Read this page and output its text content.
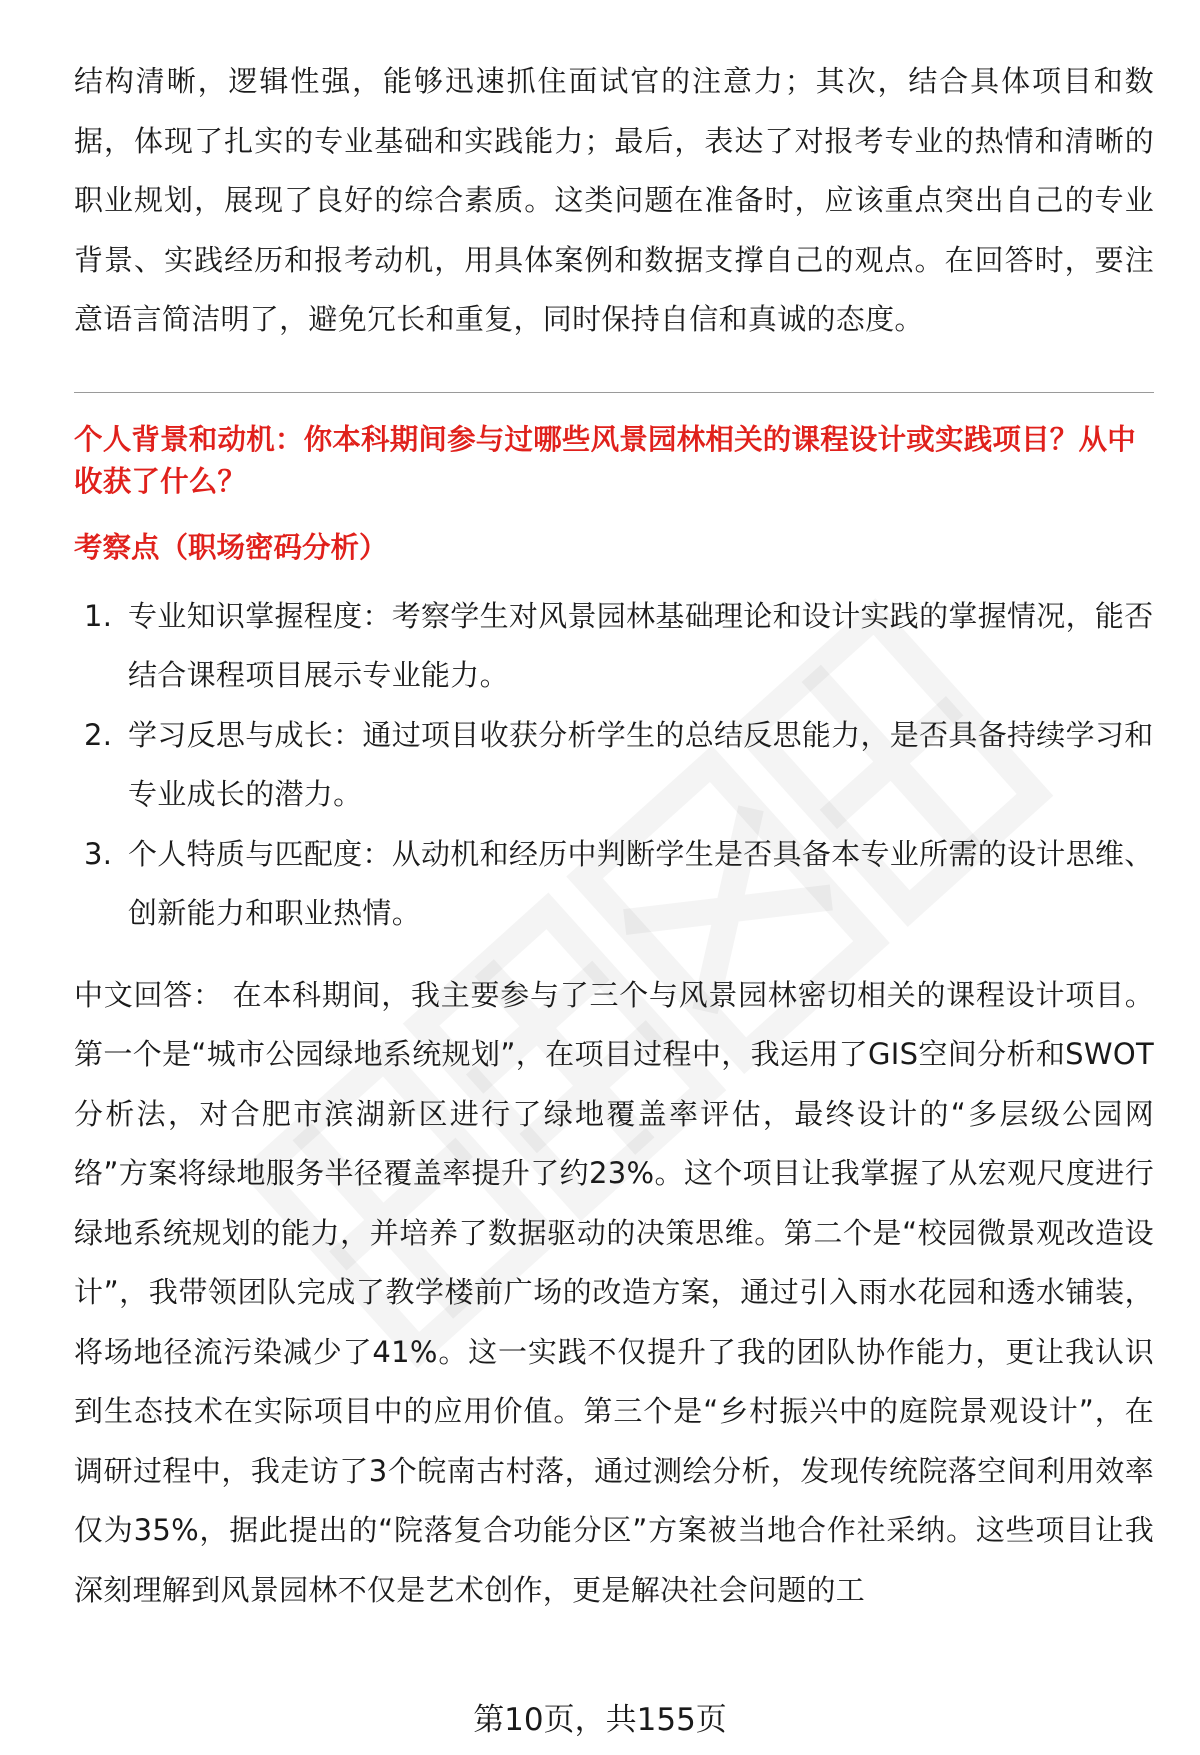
结构清晰，逻辑性强，能够迅速抓住面试官的注意力；其次，结合具体项目和数据，体现了扎实的专业基础和实践能力；最后，表达了对报考专业的热情和清晰的职业规划，展现了良好的综合素质。这类问题在准备时，应该重点突出自己的专业背景、实践经历和报考动机，用具体案例和数据支撑自己的观点。在回答时，要注意语言简洁明了，避免冗长和重复，同时保持自信和真诚的态度。

个人背景和动机：你本科期间参与过哪些风景园林相关的课程设计或实践项目？从中收获了什么？

考察点（职场密码分析）

1. 专业知识掌握程度：考察学生对风景园林基础理论和设计实践的掌握情况，能否结合课程项目展示专业能力。
2. 学习反思与成长：通过项目收获分析学生的总结反思能力，是否具备持续学习和专业成长的潜力。
3. 个人特质与匹配度：从动机和经历中判断学生是否具备本专业所需的设计思维、创新能力和职业热情。

中文回答： 在本科期间，我主要参与了三个与风景园林密切相关的课程设计项目。第一个是“城市公园绿地系统规划”，在项目过程中，我运用了GIS空间分析和SWOT分析法，对合肥市滨湖新区进行了绿地覆盖率评估，最终设计的“多层级公园网络”方案将绿地服务半径覆盖率提升了约23%。这个项目让我掌握了从宏观尺度进行绿地系统规划的能力，并培养了数据驱动的决策思维。第二个是“校园微景观改造设计”，我带领团队完成了教学楼前广场的改造方案，通过引入雨水花园和透水铺装，将场地径流污染减少了41%。这一实践不仅提升了我的团队协作能力，更让我认识到生态技术在实际项目中的应用价值。第三个是“乡村振兴中的庭院景观设计”，在调研过程中，我走访了3个皖南古村落，通过测绘分析，发现传统院落空间利用效率仅为35%，据此提出的“院落复合功能分区”方案被当地合作社采纳。这些项目让我深刻理解到风景园林不仅是艺术创作，更是解决社会问题的工

第10页，共155页
